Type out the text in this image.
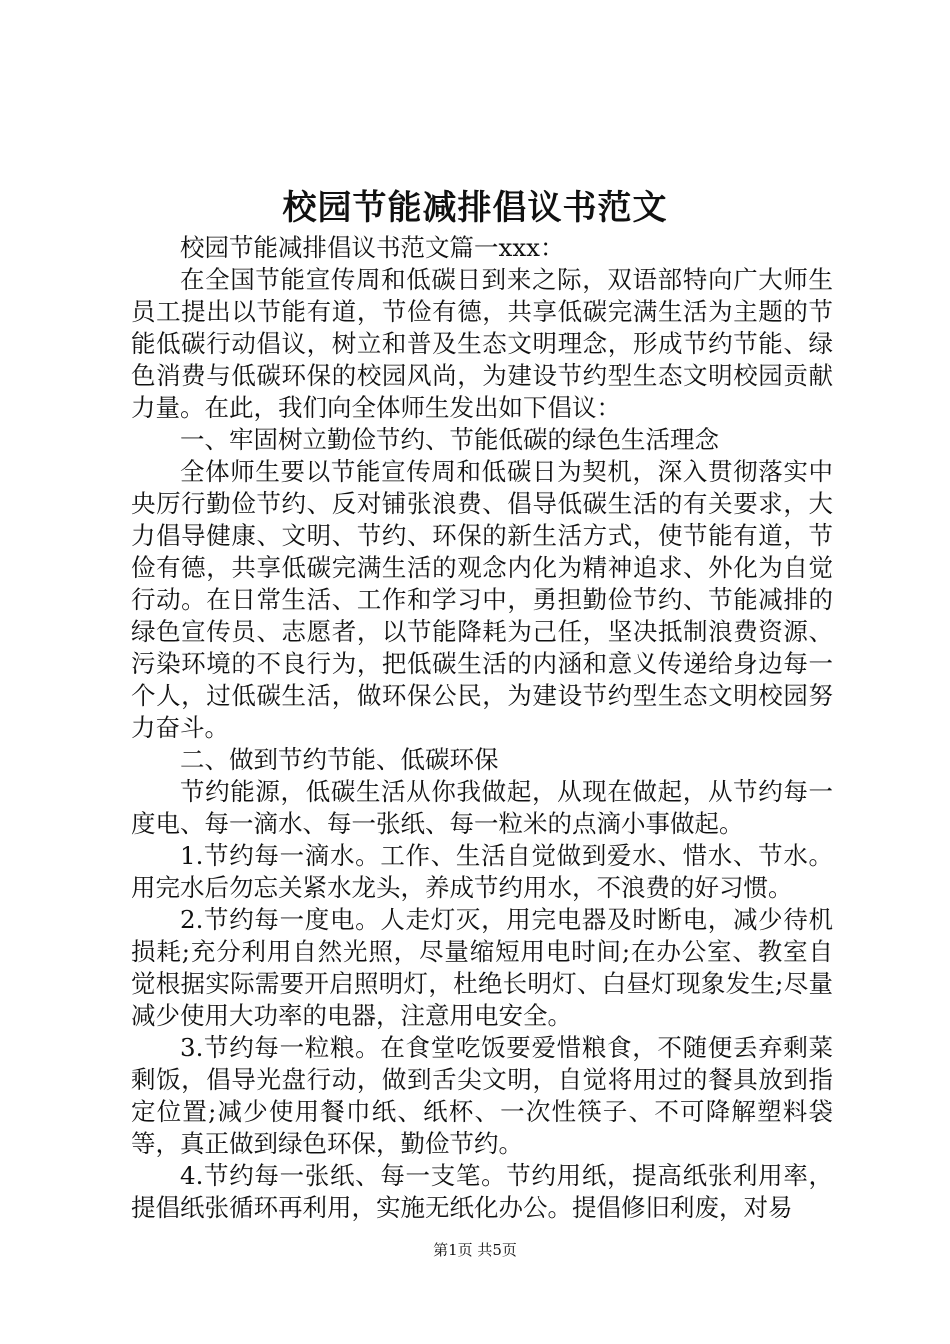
校园节能减排倡议书范文

校园节能减排倡议书范文篇一xxx：

在全国节能宣传周和低碳日到来之际，双语部特向广大师生员工提出以节能有道，节俭有德，共享低碳完满生活为主题的节能低碳行动倡议，树立和普及生态文明理念，形成节约节能、绿色消费与低碳环保的校园风尚，为建设节约型生态文明校园贡献力量。在此，我们向全体师生发出如下倡议：

一、牢固树立勤俭节约、节能低碳的绿色生活理念

全体师生要以节能宣传周和低碳日为契机，深入贯彻落实中央厉行勤俭节约、反对铺张浪费、倡导低碳生活的有关要求，大力倡导健康、文明、节约、环保的新生活方式，使节能有道，节俭有德，共享低碳完满生活的观念内化为精神追求、外化为自觉行动。在日常生活、工作和学习中，勇担勤俭节约、节能减排的绿色宣传员、志愿者，以节能降耗为己任，坚决抵制浪费资源、污染环境的不良行为，把低碳生活的内涵和意义传递给身边每一个人，过低碳生活，做环保公民，为建设节约型生态文明校园努力奋斗。

二、做到节约节能、低碳环保

节约能源，低碳生活从你我做起，从现在做起，从节约每一度电、每一滴水、每一张纸、每一粒米的点滴小事做起。

1.节约每一滴水。工作、生活自觉做到爱水、惜水、节水。用完水后勿忘关紧水龙头，养成节约用水，不浪费的好习惯。

2.节约每一度电。人走灯灭，用完电器及时断电，减少待机损耗;充分利用自然光照，尽量缩短用电时间;在办公室、教室自觉根据实际需要开启照明灯，杜绝长明灯、白昼灯现象发生;尽量减少使用大功率的电器，注意用电安全。

3.节约每一粒粮。在食堂吃饭要爱惜粮食，不随便丢弃剩菜剩饭，倡导光盘行动，做到舌尖文明，自觉将用过的餐具放到指定位置;减少使用餐巾纸、纸杯、一次性筷子、不可降解塑料袋等，真正做到绿色环保，勤俭节约。

4.节约每一张纸、每一支笔。节约用纸，提高纸张利用率，提倡纸张循环再利用，实施无纸化办公。提倡修旧利废，对易

第1页 共5页
